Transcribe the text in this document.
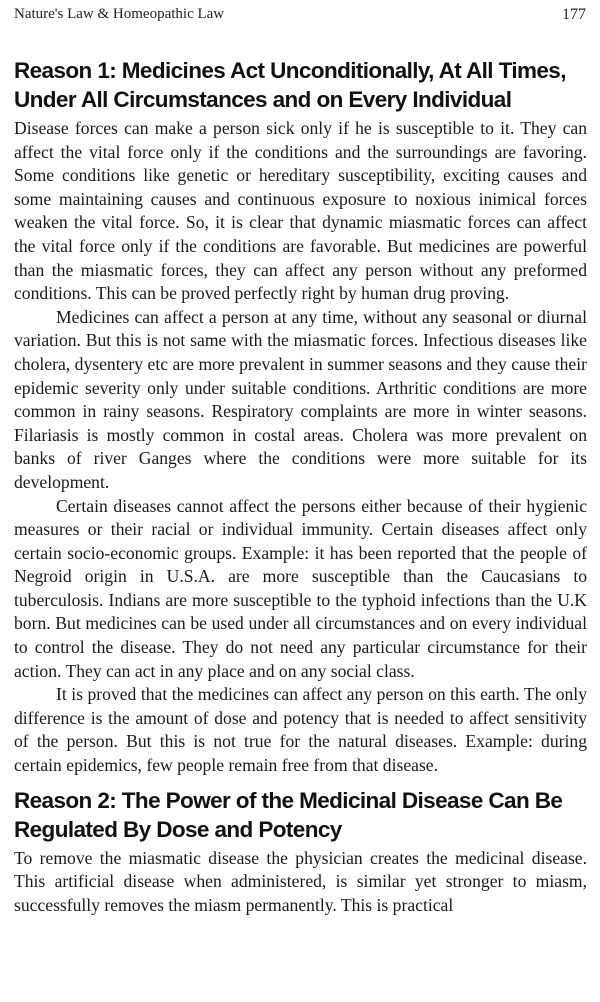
Nature's Law & Homeopathic Law	177
Reason 1: Medicines Act Unconditionally, At All Times, Under All Circumstances and on Every Individual

Disease forces can make a person sick only if he is susceptible to it. They can affect the vital force only if the conditions and the surroundings are favoring. Some conditions like genetic or hereditary susceptibility, exciting causes and some maintaining causes and continuous exposure to noxious inimical forces weaken the vital force. So, it is clear that dynamic miasmatic forces can affect the vital force only if the conditions are favorable. But medicines are powerful than the miasmatic forces, they can affect any person without any preformed conditions. This can be proved perfectly right by human drug proving.

Medicines can affect a person at any time, without any seasonal or diurnal variation. But this is not same with the miasmatic forces. Infectious diseases like cholera, dysentery etc are more prevalent in summer seasons and they cause their epidemic severity only under suitable conditions. Arthritic conditions are more common in rainy seasons. Respiratory complaints are more in winter seasons. Filariasis is mostly common in costal areas. Cholera was more prevalent on banks of river Ganges where the conditions were more suitable for its development.

Certain diseases cannot affect the persons either because of their hygienic measures or their racial or individual immunity. Certain diseases affect only certain socio-economic groups. Example: it has been reported that the people of Negroid origin in U.S.A. are more susceptible than the Caucasians to tuberculosis. Indians are more susceptible to the typhoid infections than the U.K born. But medicines can be used under all circumstances and on every individual to control the disease. They do not need any particular circumstance for their action. They can act in any place and on any social class.

It is proved that the medicines can affect any person on this earth. The only difference is the amount of dose and potency that is needed to affect sensitivity of the person. But this is not true for the natural diseases. Example: during certain epidemics, few people remain free from that disease.

Reason 2: The Power of the Medicinal Disease Can Be Regulated By Dose and Potency

To remove the miasmatic disease the physician creates the medicinal disease. This artificial disease when administered, is similar yet stronger to miasm, successfully removes the miasm permanently. This is practical
